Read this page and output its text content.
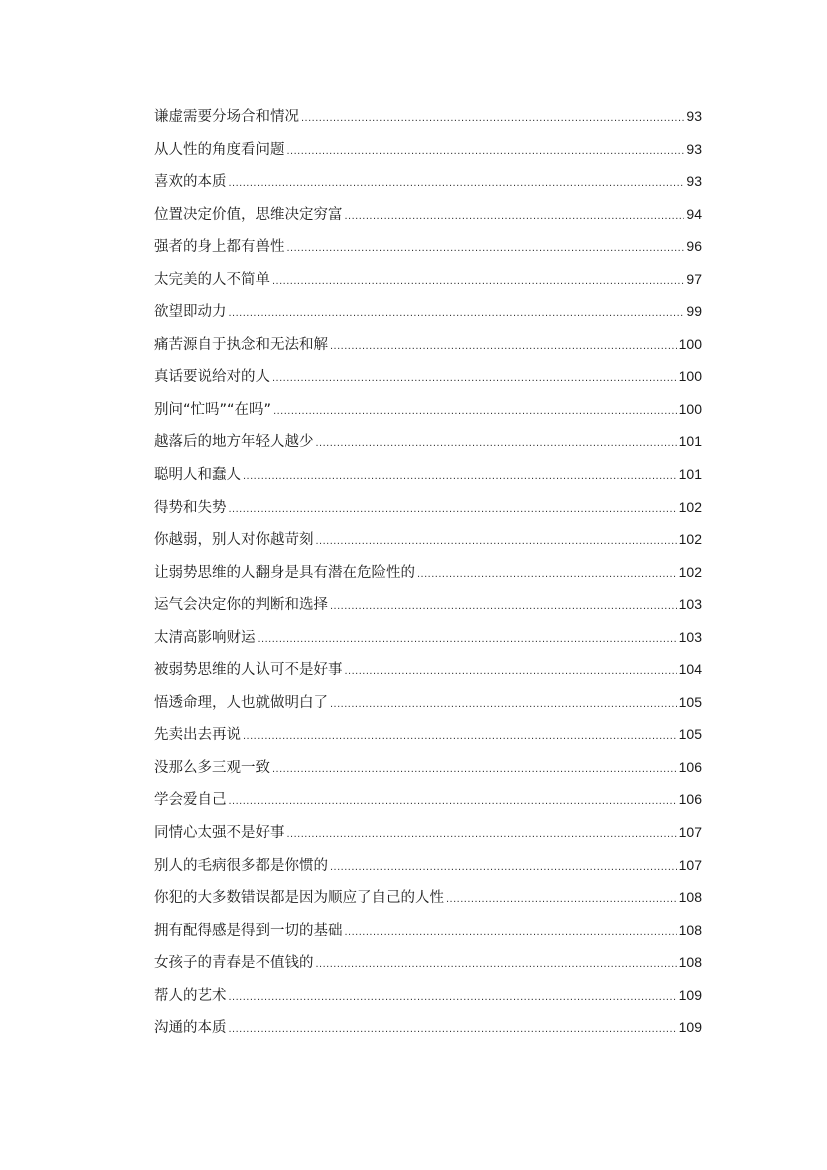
谦虚需要分场合和情况 .....	93
从人性的角度看问题 .....	93
喜欢的本质 .....	93
位置决定价值，思维决定穷富 .....	94
强者的身上都有兽性 .....	96
太完美的人不简单 .....	97
欲望即动力 .....	99
痛苦源自于执念和无法和解 .....	100
真话要说给对的人 .....	100
别问“忙吗”“在吗” .....	100
越落后的地方年轻人越少 .....	101
聪明人和蠢人 .....	101
得势和失势 .....	102
你越弱，别人对你越苛刻 .....	102
让弱势思维的人翻身是具有潜在危险性的 .....	102
运气会决定你的判断和选择 .....	103
太清高影响财运 .....	103
被弱势思维的人认可不是好事 .....	104
悟透命理，人也就做明白了 .....	105
先卖出去再说 .....	105
没那么多三观一致 .....	106
学会爱自己 .....	106
同情心太强不是好事 .....	107
别人的毛病很多都是你惯的 .....	107
你犯的大多数错误都是因为顺应了自己的人性 .....	108
拥有配得感是得到一切的基础 .....	108
女孩子的青春是不值钱的 .....	108
帮人的艺术 .....	109
沟通的本质 .....	109
